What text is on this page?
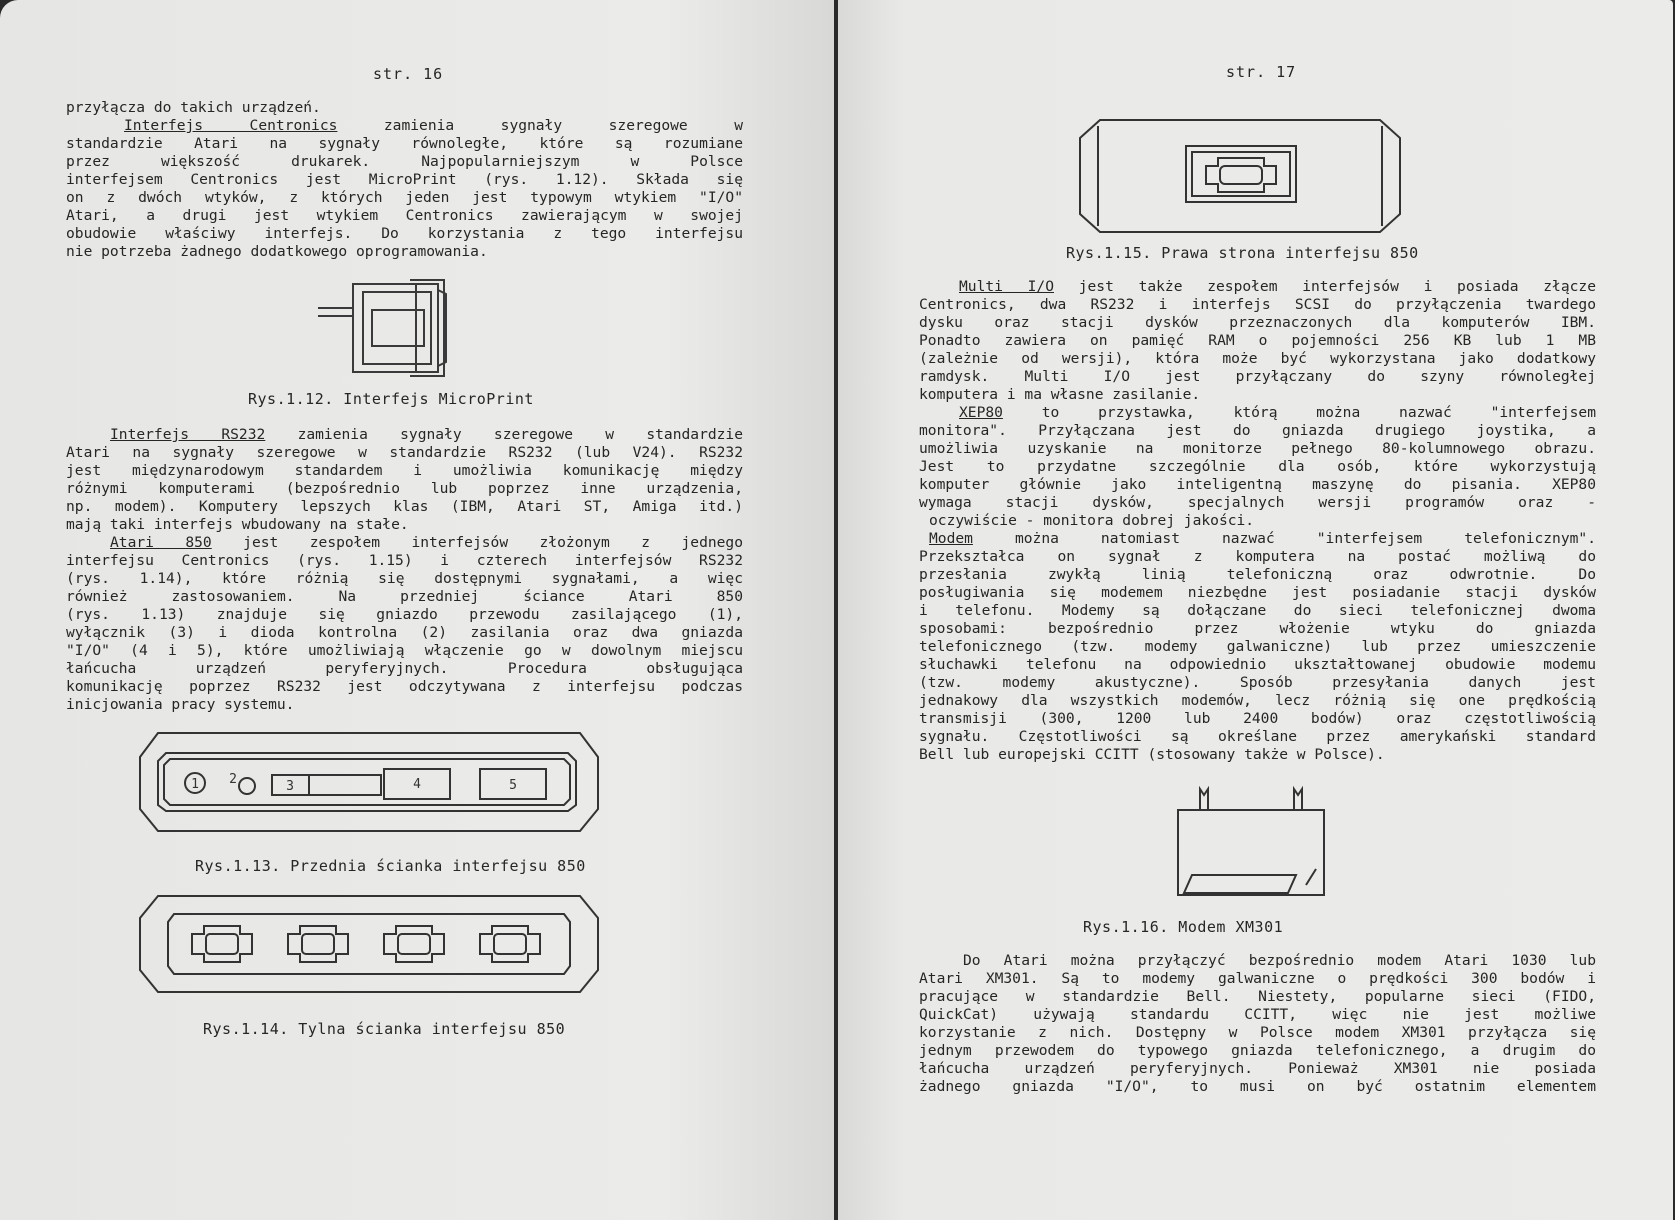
str. 16

przyłącza do takich urządzeń.

Interfejs Centronics zamienia sygnały szeregowe w

standardzie Atari na sygnały równoległe, które są rozumiane

przez większość drukarek. Najpopularniejszym w Polsce

interfejsem Centronics jest MicroPrint (rys. 1.12). Składa się

on z dwóch wtyków, z których jeden jest typowym wtykiem "I/O"

Atari, a drugi jest wtykiem Centronics zawierającym w swojej

obudowie właściwy interfejs. Do korzystania z tego interfejsu

nie potrzeba żadnego dodatkowego oprogramowania.

Rys.1.12. Interfejs MicroPrint

Interfejs RS232 zamienia sygnały szeregowe w standardzie

Atari na sygnały szeregowe w standardzie RS232 (lub V24). RS232

jest międzynarodowym standardem i umożliwia komunikację między

różnymi komputerami (bezpośrednio lub poprzez inne urządzenia,

np. modem). Komputery lepszych klas (IBM, Atari ST, Amiga itd.)

mają taki interfejs wbudowany na stałe.

Atari 850 jest zespołem interfejsów złożonym z jednego

interfejsu Centronics (rys. 1.15) i czterech interfejsów RS232

(rys. 1.14), które różnią się dostępnymi sygnałami, a więc

również zastosowaniem. Na przedniej ściance Atari 850

(rys. 1.13) znajduje się gniazdo przewodu zasilającego (1),

wyłącznik (3) i dioda kontrolna (2) zasilania oraz dwa gniazda

"I/O" (4 i 5), które umożliwiają włączenie go w dowolnym miejscu

łańcucha urządzeń peryferyjnych. Procedura obsługująca

komunikację poprzez RS232 jest odczytywana z interfejsu podczas

inicjowania pracy systemu.

1 2	3	4	5
Rys.1.13. Przednia ścianka interfejsu 850
Rys.1.14. Tylna ścianka interfejsu 850
str. 17
Rys.1.15. Prawa strona interfejsu 850

Multi I/O jest także zespołem interfejsów i posiada złącze

Centronics, dwa RS232 i interfejs SCSI do przyłączenia twardego

dysku oraz stacji dysków przeznaczonych dla komputerów IBM.

Ponadto zawiera on pamięć RAM o pojemności 256 KB lub 1 MB

(zależnie od wersji), która może być wykorzystana jako dodatkowy

ramdysk. Multi I/O jest przyłączany do szyny równoległej

komputera i ma własne zasilanie.

XEP80 to przystawka, którą można nazwać "interfejsem

monitora". Przyłączana jest do gniazda drugiego joystika, a

umożliwia uzyskanie na monitorze pełnego 80-kolumnowego obrazu.

Jest to przydatne szczególnie dla osób, które wykorzystują

komputer głównie jako inteligentną maszynę do pisania. XEP80

wymaga stacji dysków, specjalnych wersji programów oraz -

oczywiście - monitora dobrej jakości.

Modem można natomiast nazwać "interfejsem telefonicznym".

Przekształca on sygnał z komputera na postać możliwą do

przesłania zwykłą linią telefoniczną oraz odwrotnie. Do

posługiwania się modemem niezbędne jest posiadanie stacji dysków

i telefonu. Modemy są dołączane do sieci telefonicznej dwoma

sposobami: bezpośrednio przez włożenie wtyku do gniazda

telefonicznego (tzw. modemy galwaniczne) lub przez umieszczenie

słuchawki telefonu na odpowiednio ukształtowanej obudowie modemu

(tzw. modemy akustyczne). Sposób przesyłania danych jest

jednakowy dla wszystkich modemów, lecz różnią się one prędkością

transmisji (300, 1200 lub 2400 bodów) oraz częstotliwością

sygnału. Częstotliwości są określane przez amerykański standard

Bell lub europejski CCITT (stosowany także w Polsce).

Rys.1.16. Modem XM301

Do Atari można przyłączyć bezpośrednio modem Atari 1030 lub

Atari XM301. Są to modemy galwaniczne o prędkości 300 bodów i

pracujące w standardzie Bell. Niestety, popularne sieci (FIDO,

QuickCat) używają standardu CCITT, więc nie jest możliwe

korzystanie z nich. Dostępny w Polsce modem XM301 przyłącza się

jednym przewodem do typowego gniazda telefonicznego, a drugim do

łańcucha urządzeń peryferyjnych. Ponieważ XM301 nie posiada

żadnego gniazda "I/O", to musi on być ostatnim elementem
